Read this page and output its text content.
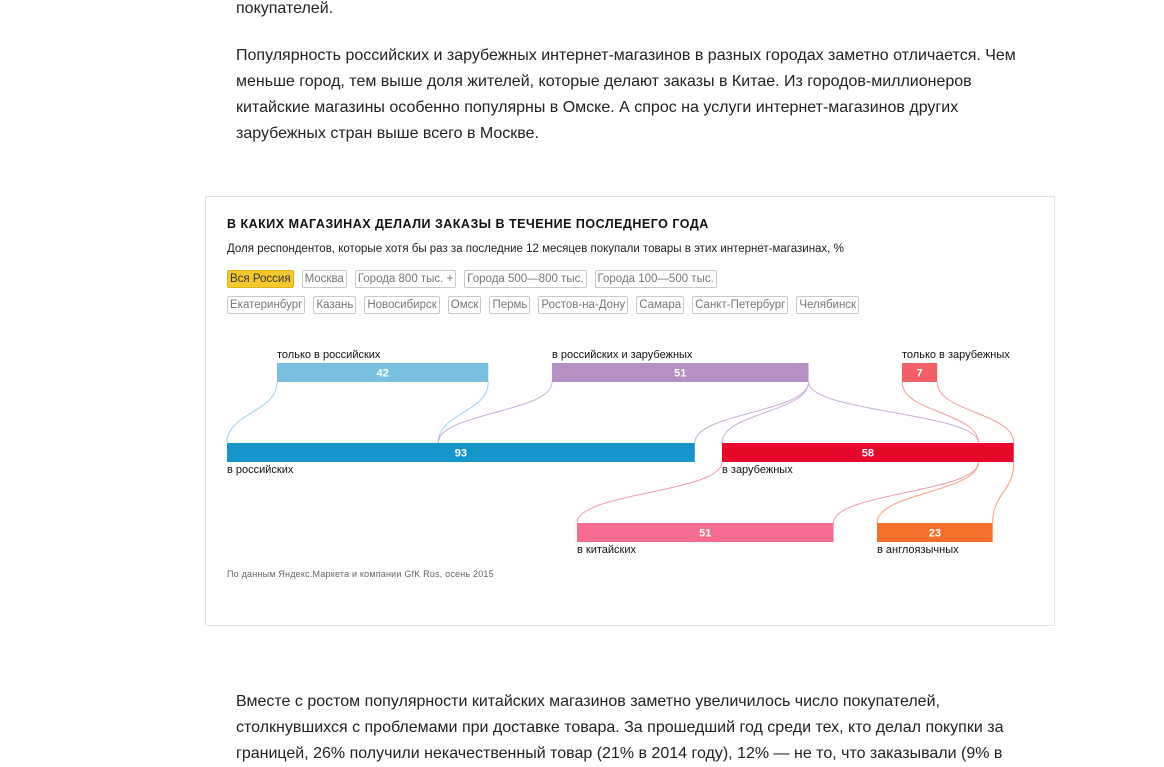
покупателей.

Популярность российских и зарубежных интернет-магазинов в разных городах заметно отличается. Чем меньше город, тем выше доля жителей, которые делают заказы в Китае. Из городов-миллионеров китайские магазины особенно популярны в Омске. А спрос на услуги интернет-магазинов других зарубежных стран выше всего в Москве.

В КАКИХ МАГАЗИНАХ ДЕЛАЛИ ЗАКАЗЫ В ТЕЧЕНИЕ ПОСЛЕДНЕГО ГОДА
Доля респондентов, которые хотя бы раз за последние 12 месяцев покупали товары в этих интернет-магазинах, %
Вся Россия Москва Города 800 тыс. + Города 500—800 тыс. Города 100—500 тыс.
Екатеринбург Казань Новосибирск Омск Пермь Ростов-на-Дону Самара Санкт-Петербург Челябинск
42
только в российских
51
в российских и зарубежных
7
только в зарубежных
93
в российских
58
в зарубежных
51
в китайских
23
в англоязычных
По данным Яндекс.Маркета и компании GfK Rus, осень 2015

Вместе с ростом популярности китайских магазинов заметно увеличилось число покупателей, столкнувшихся с проблемами при доставке товара. За прошедший год среди тех, кто делал покупки за границей, 26% получили некачественный товар (21% в 2014 году), 12% — не то, что заказывали (9% в
